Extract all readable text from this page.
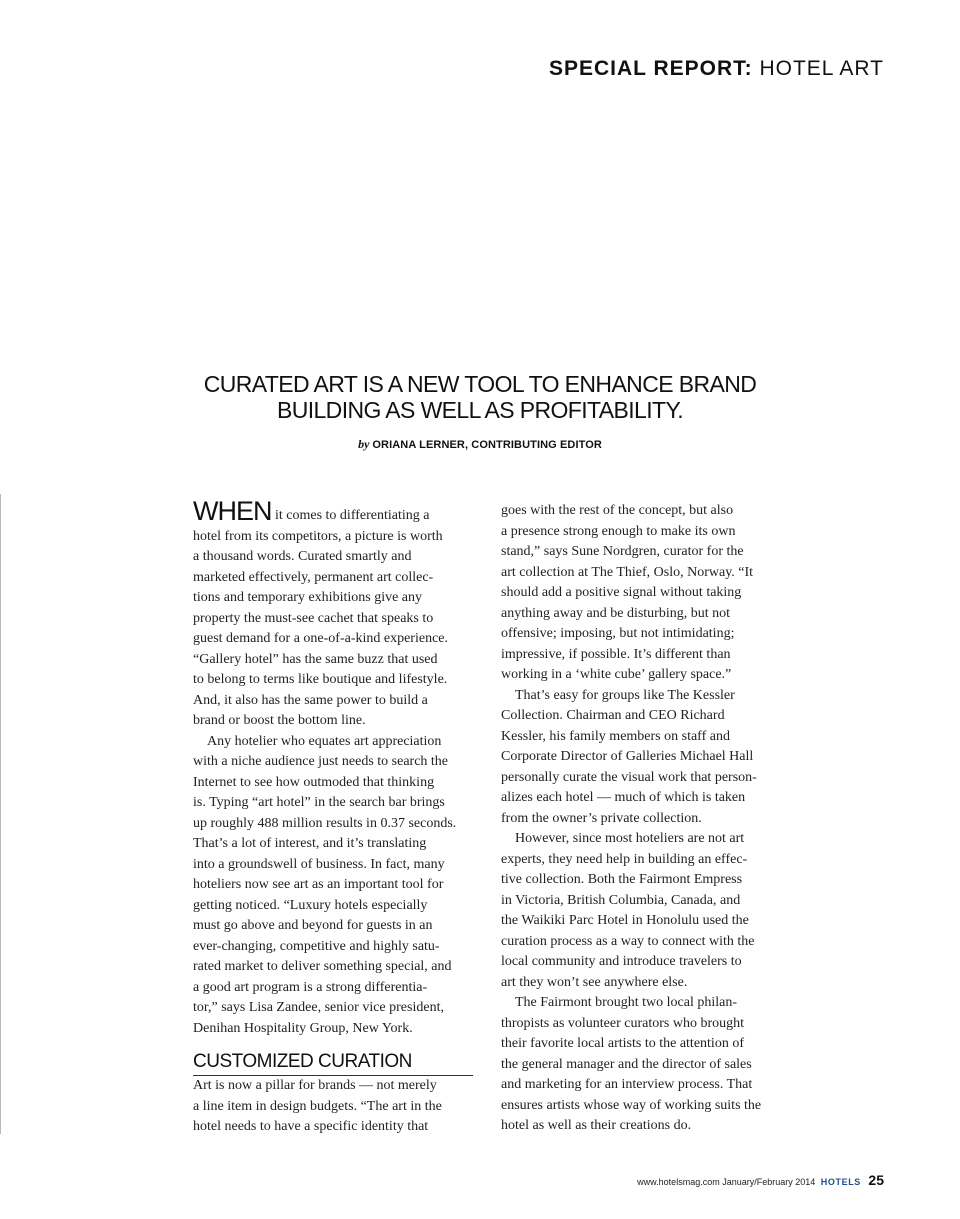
SPECIAL REPORT: HOTEL ART
CURATED ART IS A NEW TOOL TO ENHANCE BRAND
BUILDING AS WELL AS PROFITABILITY.
by ORIANA LERNER, CONTRIBUTING EDITOR
WHEN it comes to differentiating a
hotel from its competitors, a picture is worth
a thousand words. Curated smartly and
marketed effectively, permanent art collec-
tions and temporary exhibitions give any
property the must-see cachet that speaks to
guest demand for a one-of-a-kind experience.
“Gallery hotel” has the same buzz that used
to belong to terms like boutique and lifestyle.
And, it also has the same power to build a
brand or boost the bottom line.
Any hotelier who equates art appreciation
with a niche audience just needs to search the
Internet to see how outmoded that thinking
is. Typing “art hotel” in the search bar brings
up roughly 488 million results in 0.37 seconds.
That’s a lot of interest, and it’s translating
into a groundswell of business. In fact, many
hoteliers now see art as an important tool for
getting noticed. “Luxury hotels especially
must go above and beyond for guests in an
ever-changing, competitive and highly satu-
rated market to deliver something special, and
a good art program is a strong differentia-
tor,” says Lisa Zandee, senior vice president,
Denihan Hospitality Group, New York.
CUSTOMIZED CURATION
Art is now a pillar for brands — not merely
a line item in design budgets. “The art in the
hotel needs to have a specific identity that
goes with the rest of the concept, but also
a presence strong enough to make its own
stand,” says Sune Nordgren, curator for the
art collection at The Thief, Oslo, Norway. “It
should add a positive signal without taking
anything away and be disturbing, but not
offensive; imposing, but not intimidating;
impressive, if possible. It’s different than
working in a ‘white cube’ gallery space.”
That’s easy for groups like The Kessler
Collection. Chairman and CEO Richard
Kessler, his family members on staff and
Corporate Director of Galleries Michael Hall
personally curate the visual work that person-
alizes each hotel — much of which is taken
from the owner’s private collection.
However, since most hoteliers are not art
experts, they need help in building an effec-
tive collection. Both the Fairmont Empress
in Victoria, British Columbia, Canada, and
the Waikiki Parc Hotel in Honolulu used the
curation process as a way to connect with the
local community and introduce travelers to
art they won’t see anywhere else.
The Fairmont brought two local philan-
thropists as volunteer curators who brought
their favorite local artists to the attention of
the general manager and the director of sales
and marketing for an interview process. That
ensures artists whose way of working suits the
hotel as well as their creations do.
www.hotelsmag.com January/February 2014 HOTELS 25
